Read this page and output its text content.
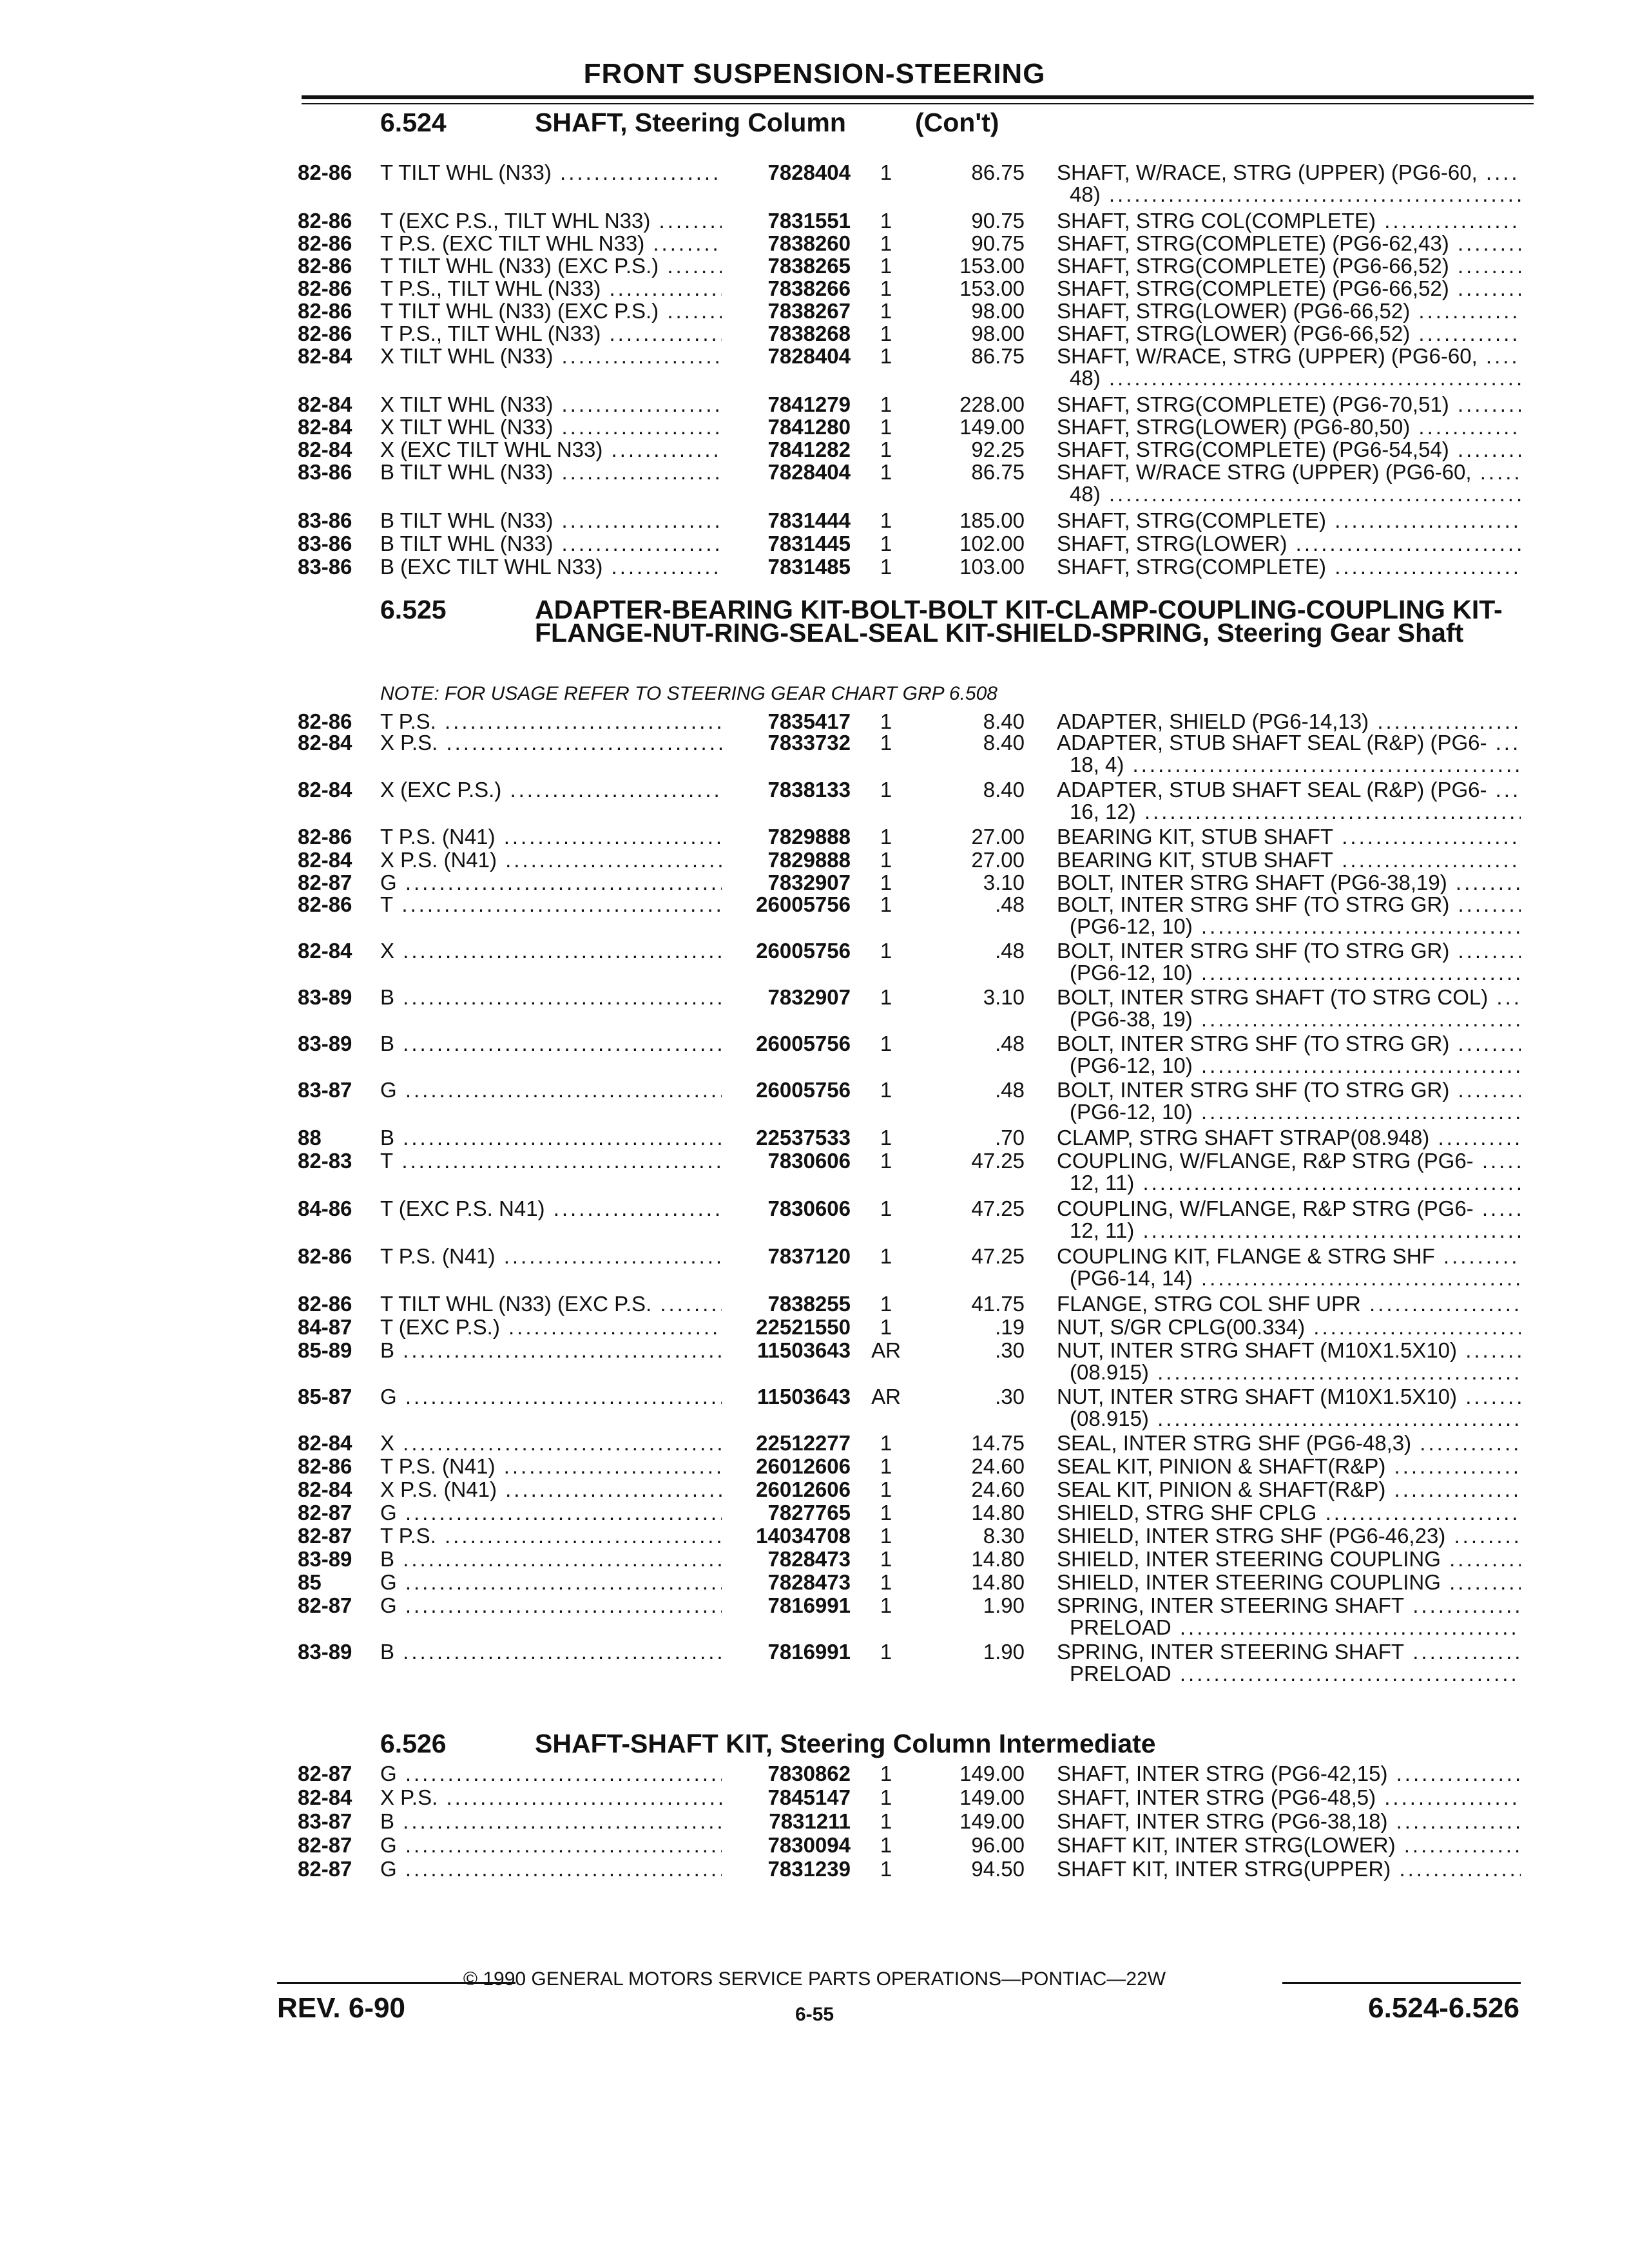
FRONT SUSPENSION-STEERING
6.524	SHAFT, Steering Column	(Con't)
6.525	ADAPTER-BEARING KIT-BOLT-BOLT KIT-CLAMP-COUPLING-COUPLING KIT-FLANGE-NUT-RING-SEAL-SEAL KIT-SHIELD-SPRING, Steering Gear Shaft
NOTE: FOR USAGE REFER TO STEERING GEAR CHART GRP 6.508
6.526	SHAFT-SHAFT KIT, Steering Column Intermediate
82-86 T TILT WHL (N33) .....	7828404	1	86.75 SHAFT, W/RACE, STRG (UPPER) (PG6-60, .....
48) .....
82-86 T (EXC P.S., TILT WHL N33) .....	7831551	1	90.75 SHAFT, STRG COL(COMPLETE) .....
82-86 T P.S. (EXC TILT WHL N33) .....	7838260	1	90.75 SHAFT, STRG(COMPLETE) (PG6-62,43) .....
82-86 T TILT WHL (N33) (EXC P.S.) .....	7838265	1	153.00 SHAFT, STRG(COMPLETE) (PG6-66,52) .....
82-86 T P.S., TILT WHL (N33) .....	7838266	1	153.00 SHAFT, STRG(COMPLETE) (PG6-66,52) .....
82-86 T TILT WHL (N33) (EXC P.S.) .....	7838267	1	98.00 SHAFT, STRG(LOWER) (PG6-66,52) .....
82-86 T P.S., TILT WHL (N33) .....	7838268	1	98.00 SHAFT, STRG(LOWER) (PG6-66,52) .....
82-84 X TILT WHL (N33) .....	7828404	1	86.75 SHAFT, W/RACE, STRG (UPPER) (PG6-60, .....
48) .....
82-84 X TILT WHL (N33) .....	7841279	1	228.00 SHAFT, STRG(COMPLETE) (PG6-70,51) .....
82-84 X TILT WHL (N33) .....	7841280	1	149.00 SHAFT, STRG(LOWER) (PG6-80,50) .....
82-84 X (EXC TILT WHL N33) .....	7841282	1	92.25 SHAFT, STRG(COMPLETE) (PG6-54,54) .....
83-86 B TILT WHL (N33) .....	7828404	1	86.75 SHAFT, W/RACE STRG (UPPER) (PG6-60, .....
48) .....
83-86 B TILT WHL (N33) .....	7831444	1	185.00 SHAFT, STRG(COMPLETE) .....
83-86 B TILT WHL (N33) .....	7831445	1	102.00 SHAFT, STRG(LOWER) .....
83-86 B (EXC TILT WHL N33) .....	7831485	1	103.00 SHAFT, STRG(COMPLETE) .....
82-86 T P.S. .....	7835417	1	8.40 ADAPTER, SHIELD (PG6-14,13) .....
82-84 X P.S. .....	7833732	1	8.40 ADAPTER, STUB SHAFT SEAL (R&P) (PG6- .....
18, 4) .....
82-84 X (EXC P.S.) .....	7838133	1	8.40 ADAPTER, STUB SHAFT SEAL (R&P) (PG6- .....
16, 12) .....
82-86 T P.S. (N41) .....	7829888	1	27.00 BEARING KIT, STUB SHAFT .....
82-84 X P.S. (N41) .....	7829888	1	27.00 BEARING KIT, STUB SHAFT .....
82-87 G .....	7832907	1	3.10 BOLT, INTER STRG SHAFT (PG6-38,19) .....
82-86 T .....	26005756	1	.48 BOLT, INTER STRG SHF (TO STRG GR) .....
(PG6-12, 10) .....
82-84 X .....	26005756	1	.48 BOLT, INTER STRG SHF (TO STRG GR) .....
(PG6-12, 10) .....
83-89 B .....	7832907	1	3.10 BOLT, INTER STRG SHAFT (TO STRG COL) .....
(PG6-38, 19) .....
83-89 B .....	26005756	1	.48 BOLT, INTER STRG SHF (TO STRG GR) .....
(PG6-12, 10) .....
83-87 G .....	26005756	1	.48 BOLT, INTER STRG SHF (TO STRG GR) .....
(PG6-12, 10) .....
88	B .....	22537533	1	.70 CLAMP, STRG SHAFT STRAP(08.948) .....
82-83 T .....	7830606	1	47.25 COUPLING, W/FLANGE, R&P STRG (PG6- .....
12, 11) .....
84-86 T (EXC P.S. N41) .....	7830606	1	47.25 COUPLING, W/FLANGE, R&P STRG (PG6- .....
12, 11) .....
82-86 T P.S. (N41) .....	7837120	1	47.25 COUPLING KIT, FLANGE & STRG SHF .....
(PG6-14, 14) .....
82-86 T TILT WHL (N33) (EXC P.S. .....	7838255	1	41.75 FLANGE, STRG COL SHF UPR .....
84-87 T (EXC P.S.) .....	22521550	1	.19 NUT, S/GR CPLG(00.334) .....
85-89 B .....	11503643 AR	.30 NUT, INTER STRG SHAFT (M10X1.5X10) .....
(08.915) .....
85-87 G .....	11503643 AR	.30 NUT, INTER STRG SHAFT (M10X1.5X10) .....
(08.915) .....
82-84 X .....	22512277	1	14.75 SEAL, INTER STRG SHF (PG6-48,3) .....
82-86 T P.S. (N41) .....	26012606	1	24.60 SEAL KIT, PINION & SHAFT(R&P) .....
82-84 X P.S. (N41) .....	26012606	1	24.60 SEAL KIT, PINION & SHAFT(R&P) .....
82-87 G .....	7827765	1	14.80 SHIELD, STRG SHF CPLG .....
82-87 T P.S. .....	14034708	1	8.30 SHIELD, INTER STRG SHF (PG6-46,23) .....
83-89 B .....	7828473	1	14.80 SHIELD, INTER STEERING COUPLING .....
85	G .....	7828473	1	14.80 SHIELD, INTER STEERING COUPLING .....
82-87 G .....	7816991	1	1.90 SPRING, INTER STEERING SHAFT .....
PRELOAD .....
83-89 B .....	7816991	1	1.90 SPRING, INTER STEERING SHAFT .....
PRELOAD .....
82-87 G .....	7830862	1	149.00 SHAFT, INTER STRG (PG6-42,15) .....
82-84 X P.S. .....	7845147	1	149.00 SHAFT, INTER STRG (PG6-48,5) .....
83-87 B .....	7831211	1	149.00 SHAFT, INTER STRG (PG6-38,18) .....
82-87 G .....	7830094	1	96.00 SHAFT KIT, INTER STRG(LOWER) .....
82-87 G .....	7831239	1	94.50 SHAFT KIT, INTER STRG(UPPER) .....
© 1990 GENERAL MOTORS SERVICE PARTS OPERATIONS—PONTIAC—22W
REV. 6-90	6-55	6.524-6.526
